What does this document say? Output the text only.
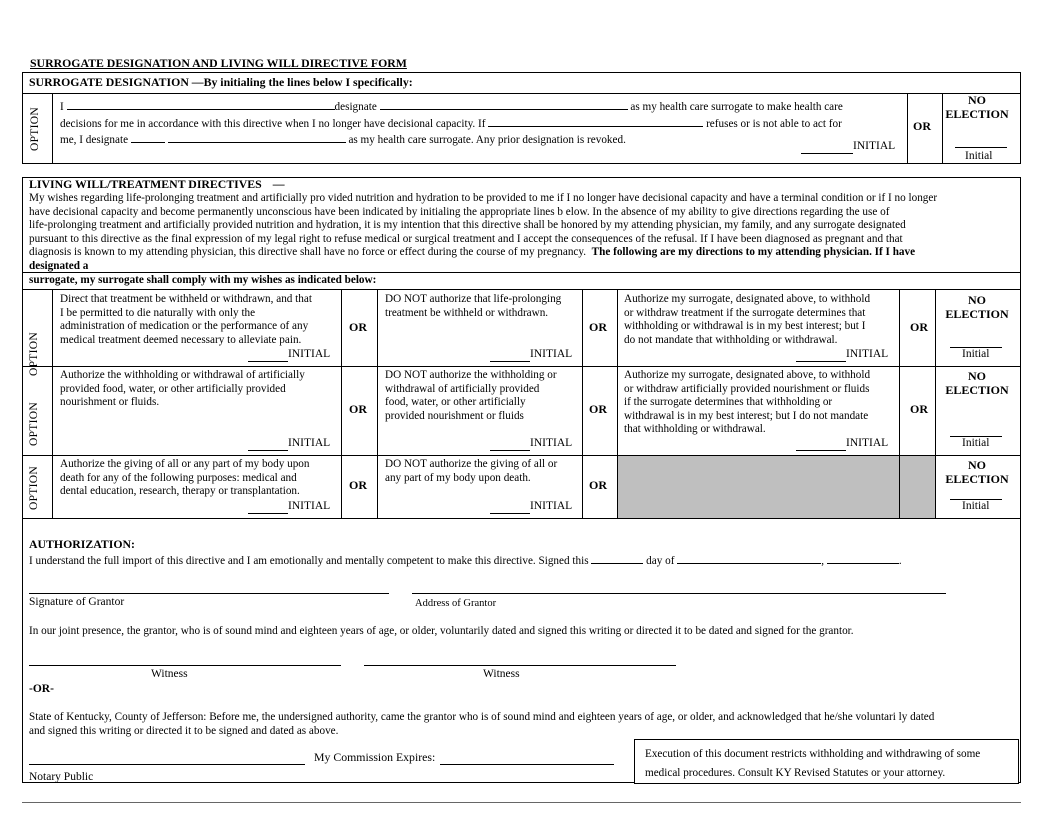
SURROGATE DESIGNATION AND LIVING WILL DIRECTIVE FORM
SURROGATE DESIGNATION —By initialing the lines below I specifically:
OPTION
I	designate	as my health care surrogate to make health care
decisions for me in accordance with this directive when I no longer have decisional capacity. If	refuses or is not able to act for
me, I designate	as my health care surrogate. Any prior designation is revoked.	INITIAL
OR
NO ELECTION
Initial
LIVING WILL/TREATMENT DIRECTIVES —
My wishes regarding life-prolonging treatment and artificially pro vided nutrition and hydration to be provided to me if I no longer have decisional capacity and have a terminal condition or if I no longer
have decisional capacity and become permanently unconscious have been indicated by initialing the appropriate lines b elow. In the absence of my ability to give directions regarding the use of
life-prolonging treatment and artificially provided nutrition and hydration, it is my intention that this directive shall be honored by my attending physician, my family, and any surrogate designated
pursuant to this directive as the final expression of my legal right to refuse medical or surgical treatment and I accept the consequences of the refusal. If I have been diagnosed as pregnant and that
diagnosis is known to my attending physician, this directive shall have no force or effect during the course of my pregnancy. The following are my directions to my attending physician. If I have
designated a
surrogate, my surrogate shall comply with my wishes as indicated below:
OPTION
Direct that treatment be withheld or withdrawn, and that
I be permitted to die naturally with only the
administration of medication or the performance of any
medical treatment deemed necessary to alleviate pain.
INITIAL
OR
DO NOT authorize that life-prolonging
treatment be withheld or withdrawn.
INITIAL
OR
Authorize my surrogate, designated above, to withhold
or withdraw treatment if the surrogate determines that
withholding or withdrawal is in my best interest; but I
do not mandate that withholding or withdrawal.
INITIAL
OR
NO ELECTION
Initial
OPTION
Authorize the withholding or withdrawal of artificially
provided food, water, or other artificially provided
nourishment or fluids.
INITIAL
OR
DO NOT authorize the withholding or
withdrawal of artificially provided
food, water, or other artificially
provided nourishment or fluids
INITIAL
OR
Authorize my surrogate, designated above, to withhold
or withdraw artificially provided nourishment or fluids
if the surrogate determines that withholding or
withdrawal is in my best interest; but I do not mandate
that withholding or withdrawal.
INITIAL
OR
NO ELECTION
Initial
OPTION
Authorize the giving of all or any part of my body upon
death for any of the following purposes: medical and
dental education, research, therapy or transplantation.
INITIAL
OR
DO NOT authorize the giving of all or
any part of my body upon death.
INITIAL
OR
NO ELECTION
Initial
AUTHORIZATION:
I understand the full import of this directive and I am emotionally and mentally competent to make this directive. Signed this	day of	,	.
Signature of Grantor	Address of Grantor
In our joint presence, the grantor, who is of sound mind and eighteen years of age, or older, voluntarily dated and signed this writing or directed it to be dated and signed for the grantor.
Witness	Witness
-OR-
State of Kentucky, County of Jefferson: Before me, the undersigned authority, came the grantor who is of sound mind and eighteen years of age, or older, and acknowledged that he/she voluntari ly dated
and signed this writing or directed it to be signed and dated as above.
My Commission Expires:
Notary Public
Execution of this document restricts withholding and withdrawing of some
medical procedures. Consult KY Revised Statutes or your attorney.
